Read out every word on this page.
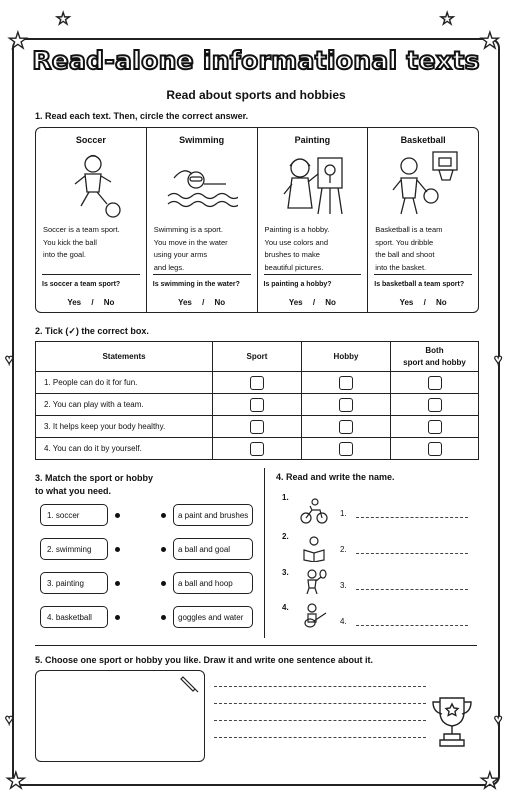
★	★
★	★
★	★
♥	♥
♥	♥
Read-alone informational texts
Read about sports and hobbies
1. Read each text. Then, circle the correct answer.
Soccer
Soccer is a team sport.
You kick the ball
into the goal.
Is soccer a team sport?
Yes / No
Swimming
Swimming is a sport.
You move in the water
using your arms
and legs.
Is swimming in the water?
Yes / No
Painting
Painting is a hobby.
You use colors and
brushes to make
beautiful pictures.
Is painting a hobby?
Yes / No
Basketball
Basketball is a team
sport. You dribble
the ball and shoot
into the basket.
Is basketball a team sport?
Yes / No
2. Tick (✓) the correct box.
Statements	Sport	Hobby	Both
sport and hobby
1. People can do it for fun.	

2. You can play with a team.	

3. It helps keep your body healthy.	

4. You can do it by yourself.	

3. Match the sport or hobby
to what you need.
1. soccer
2. swimming
3. painting
4. basketball
a paint and brushes
a ball and goal
a ball and hoop
goggles and water
4. Read and write the name.
1.
1.
2.
2.
3.
3.
4.
4.
5. Choose one sport or hobby you like. Draw it and write one sentence about it.
